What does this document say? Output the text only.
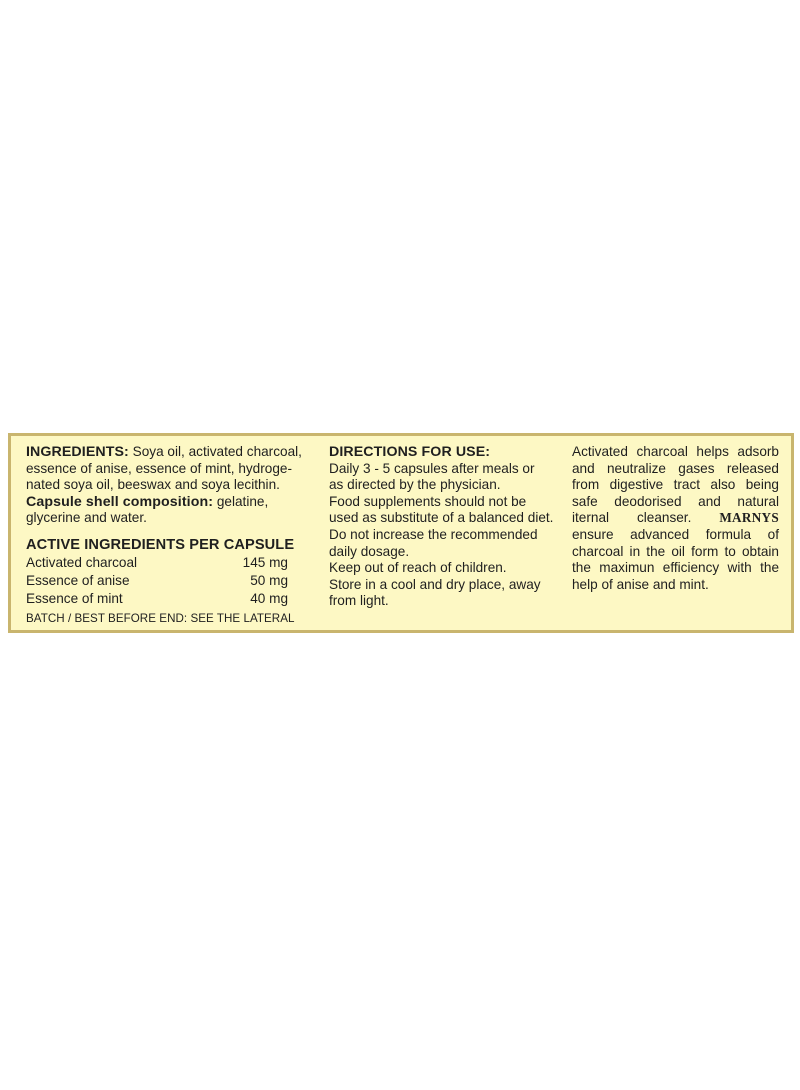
INGREDIENTS: Soya oil, activated charcoal,

essence of anise, essence of mint, hydroge-

nated soya oil, beeswax and soya lecithin.

Capsule shell composition: gelatine,

glycerine and water.

ACTIVE INGREDIENTS PER CAPSULE

Activated charcoal	145 mg
Essence of anise	50 mg
Essence of mint	40 mg

BATCH / BEST BEFORE END: SEE THE LATERAL

DIRECTIONS FOR USE:

Daily 3 - 5 capsules after meals or

as directed by the physician.

Food supplements should not be

used as substitute of a balanced diet.

Do not increase the recommended

daily dosage.

Keep out of reach of children.

Store in a cool and dry place, away

from light.

Activated charcoal helps adsorb

and neutralize gases released

from digestive tract also being

safe deodorised and natural

iternal cleanser. MARNYS

ensure advanced formula of

charcoal in the oil form to obtain

the maximun efficiency with the

help of anise and mint.
